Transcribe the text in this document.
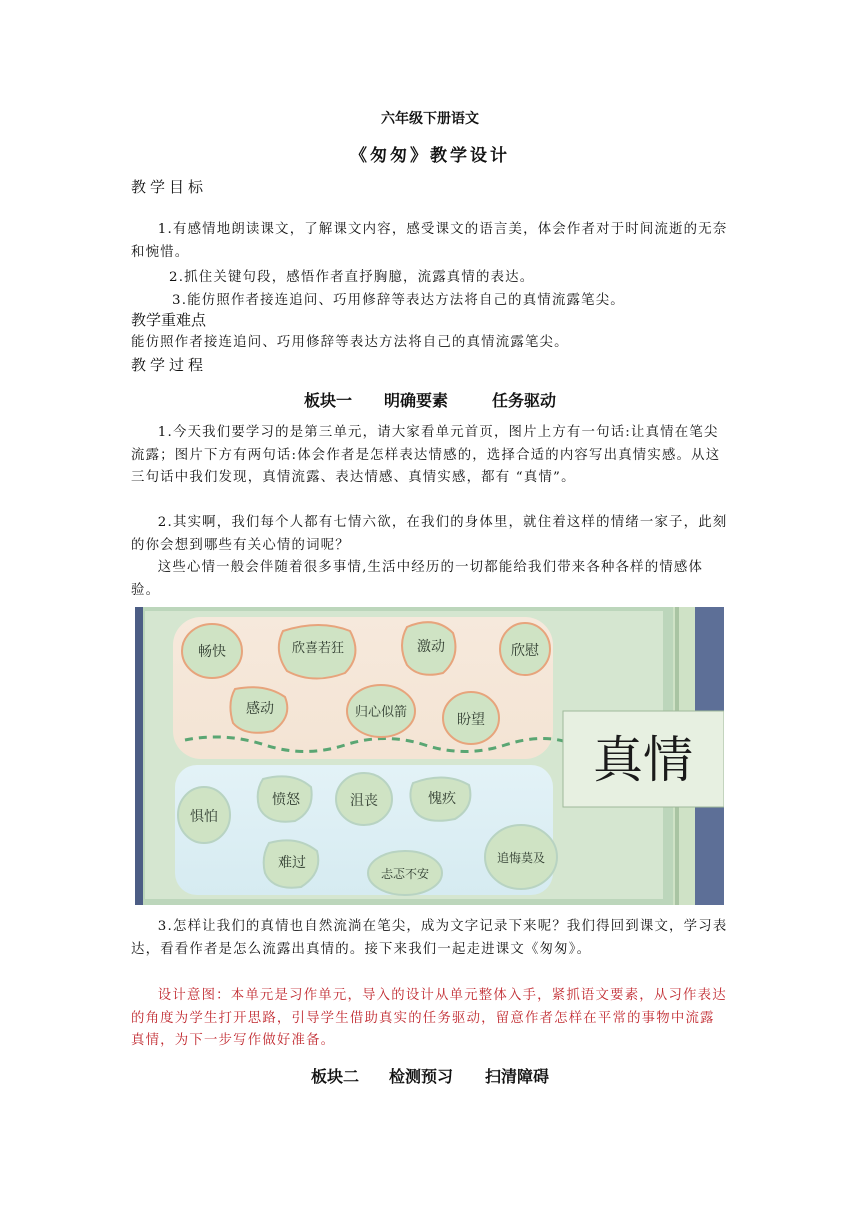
六年级下册语文
《匆匆》教学设计
教学目标
1.有感情地朗读课文，了解课文内容，感受课文的语言美，体会作者对于时间流逝的无奈和惋惜。
2.抓住关键句段，感悟作者直抒胸臆，流露真情的表达。
3.能仿照作者接连追问、巧用修辞等表达方法将自己的真情流露笔尖。
教学重难点
能仿照作者接连追问、巧用修辞等表达方法将自己的真情流露笔尖。
教学过程
板块一 明确要素	任务驱动
1.今天我们要学习的是第三单元，请大家看单元首页，图片上方有一句话:让真情在笔尖流露；图片下方有两句话:体会作者是怎样表达情感的，选择合适的内容写出真情实感。从这三句话中我们发现，真情流露、表达情感、真情实感，都有 “真情”。
2.其实啊，我们每个人都有七情六欲，在我们的身体里，就住着这样的情绪一家子，此刻的你会想到哪些有关心情的词呢？
这些心情一般会伴随着很多事情,生活中经历的一切都能给我们带来各种各样的情感体验。
畅快	欣喜若狂	激动	欣慰
感动	归心似箭	盼望
惧怕
愤怒	沮丧	愧疚
难过
忐忑不安
追悔莫及
真情
3.怎样让我们的真情也自然流淌在笔尖，成为文字记录下来呢？我们得回到课文，学习表达，看看作者是怎么流露出真情的。接下来我们一起走进课文《匆匆》。
设计意图：本单元是习作单元，导入的设计从单元整体入手，紧抓语文要素，从习作表达的角度为学生打开思路，引导学生借助真实的任务驱动，留意作者怎样在平常的事物中流露真情，为下一步写作做好准备。
板块二 检测预习 扫清障碍
